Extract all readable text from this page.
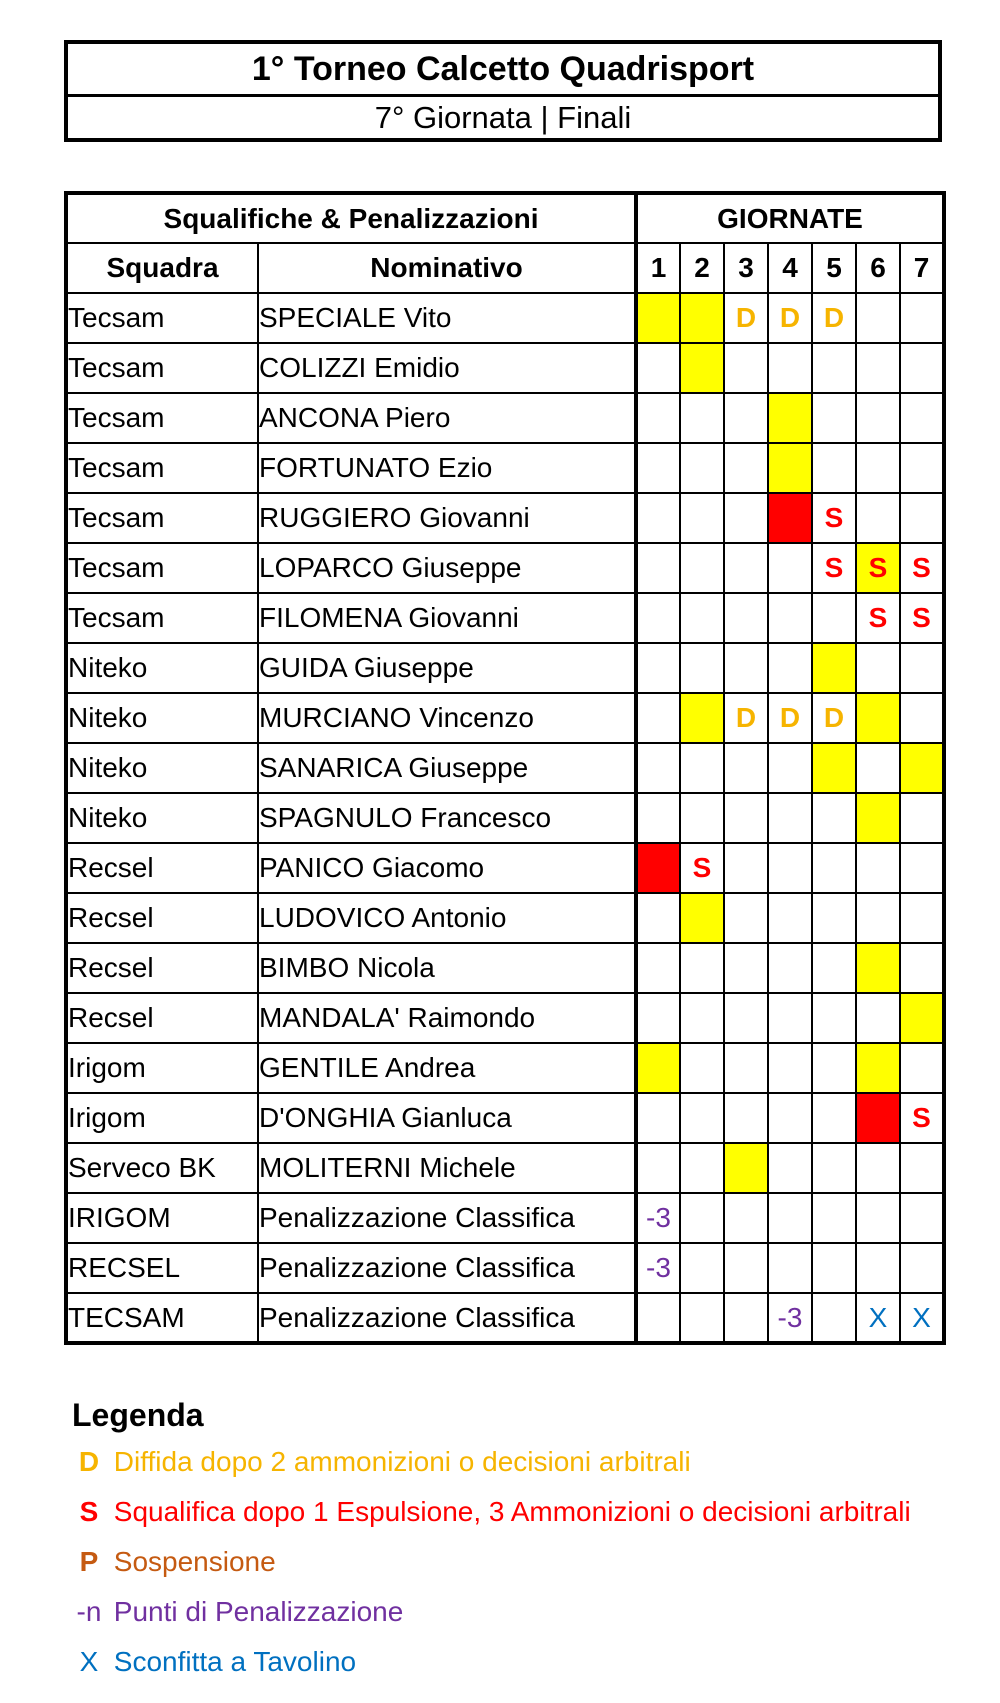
1° Torneo Calcetto Quadrisport
7° Giornata | Finali
Squalifiche & Penalizzazioni		GIORNATE						
Squadra	Nominativo	1	2	3	4	5	6	7
Tecsam	SPECIALE Vito			D	D	D		
Tecsam	COLIZZI Emidio							
Tecsam	ANCONA Piero							
Tecsam	FORTUNATO Ezio							
Tecsam	RUGGIERO Giovanni					S		
Tecsam	LOPARCO Giuseppe					S	S	S
Tecsam	FILOMENA Giovanni						S	S
Niteko	GUIDA Giuseppe							
Niteko	MURCIANO Vincenzo			D	D	D		
Niteko	SANARICA Giuseppe							
Niteko	SPAGNULO Francesco							
Recsel	PANICO Giacomo		S					
Recsel	LUDOVICO Antonio							
Recsel	BIMBO Nicola							
Recsel	MANDALA' Raimondo							
Irigom	GENTILE Andrea							
Irigom	D'ONGHIA Gianluca							S
Serveco BK	MOLITERNI Michele							
IRIGOM	Penalizzazione Classifica	-3						
RECSEL	Penalizzazione Classifica	-3						
TECSAM	Penalizzazione Classifica				-3		X	X
Legenda
D Diffida dopo 2 ammonizioni o decisioni arbitrali
S Squalifica dopo 1 Espulsione, 3 Ammonizioni o decisioni arbitrali
P Sospensione
-n Punti di Penalizzazione
X Sconfitta a Tavolino
